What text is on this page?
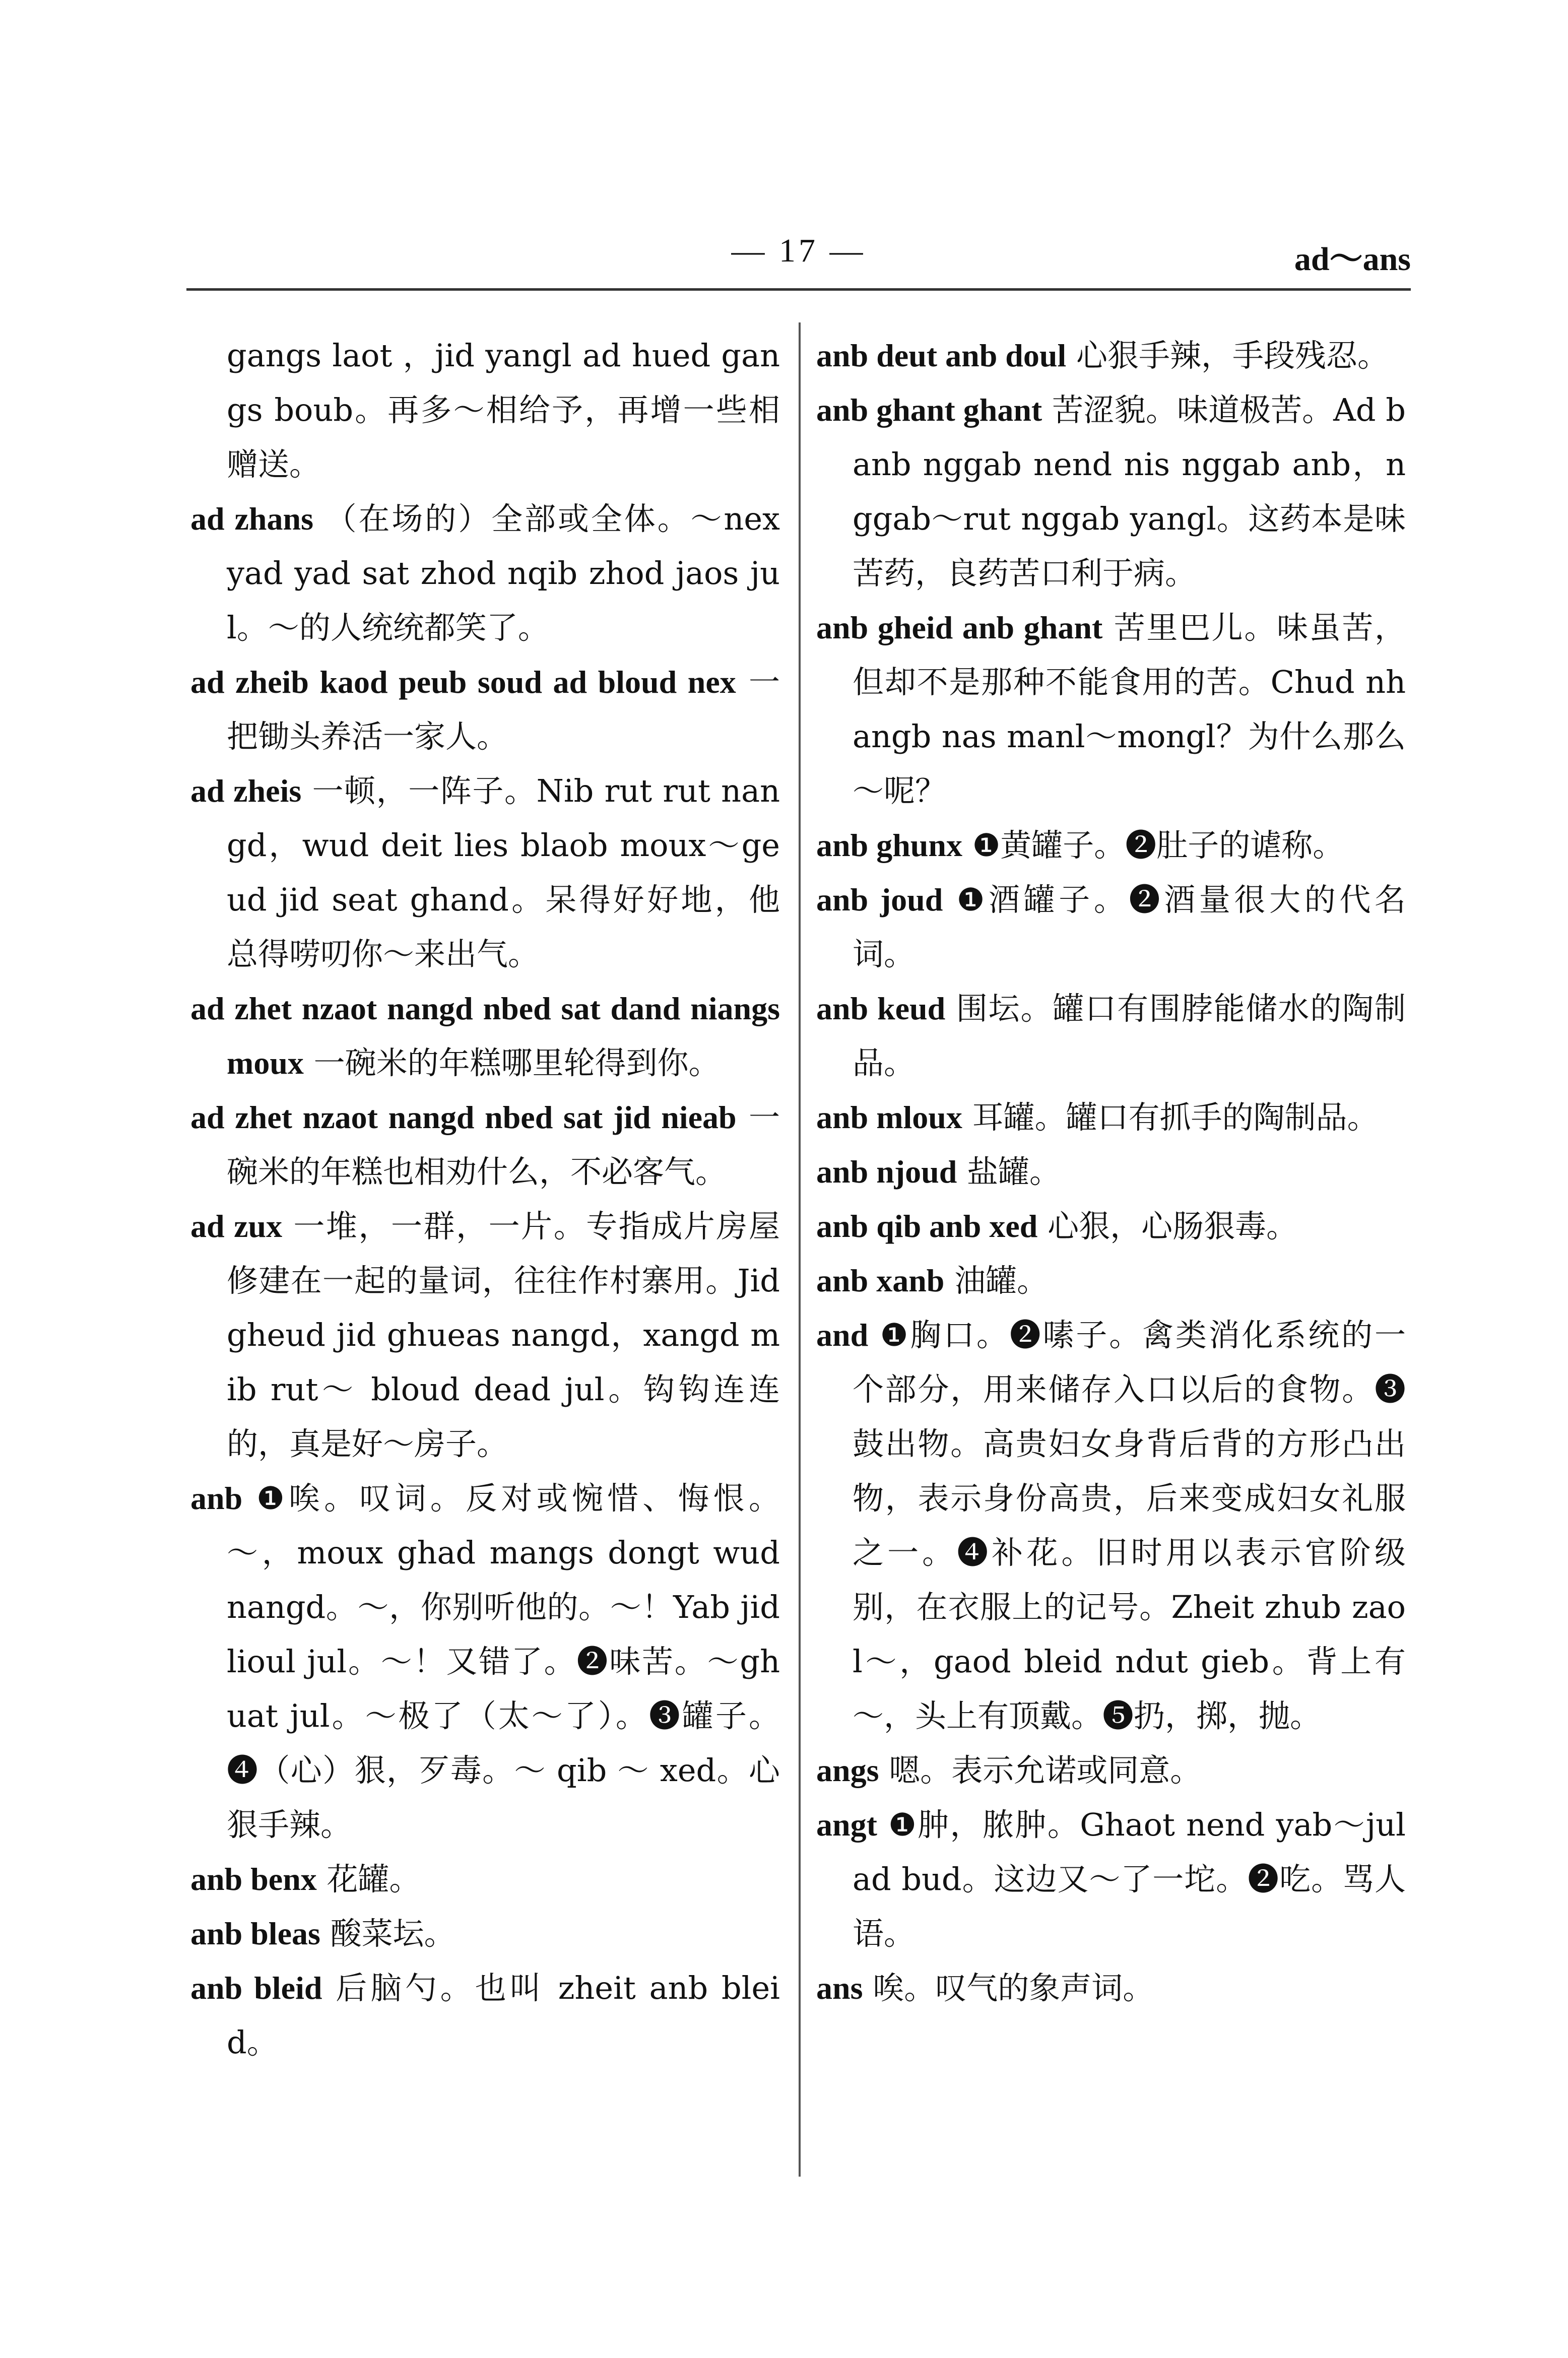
— 17 —	ad～ans
gangs laot ，jid yangl ad hued gangs boub。再多～相给予，再增一些相赠送。
ad zhans （在场的）全部或全体。～nex yad yad sat zhod nqib zhod jaos jul。～的人统统都笑了。
ad zheib kaod peub soud ad bloud nex 一把锄头养活一家人。
ad zheis 一顿，一阵子。Nib rut rut nangd，wud deit lies blaob moux～geud jid seat ghand。呆得好好地，他总得唠叨你～来出气。
ad zhet nzaot nangd nbed sat dand niangs moux 一碗米的年糕哪里轮得到你。
ad zhet nzaot nangd nbed sat jid nieab 一碗米的年糕也相劝什么，不必客气。
ad zux 一堆，一群，一片。专指成片房屋修建在一起的量词，往往作村寨用。Jid gheud jid ghueas nangd，xangd mib rut～ bloud dead jul。钩钩连连的，真是好～房子。
anb ❶唉。叹词。反对或惋惜、悔恨。～，moux ghad mangs dongt wud nangd。～，你别听他的。～！Yab jid lioul jul。～！又错了。❷味苦。～ghuat jul。～极了（太～了）。❸罐子。❹（心）狠，歹毒。～ qib ～ xed。心狠手辣。
anb benx 花罐。
anb bleas 酸菜坛。
anb bleid 后脑勺。也叫 zheit anb bleid。
anb deut anb doul 心狠手辣，手段残忍。
anb ghant ghant 苦涩貌。味道极苦。Ad banb nggab nend nis nggab anb，nggab～rut nggab yangl。这药本是味苦药，良药苦口利于病。
anb gheid anb ghant 苦里巴儿。味虽苦，但却不是那种不能食用的苦。Chud nhangb nas manl～mongl？为什么那么～呢？
anb ghunx ❶黄罐子。❷肚子的谑称。
anb joud ❶酒罐子。❷酒量很大的代名词。
anb keud 围坛。罐口有围脖能储水的陶制品。
anb mloux 耳罐。罐口有抓手的陶制品。
anb njoud 盐罐。
anb qib anb xed 心狠，心肠狠毒。
anb xanb 油罐。
and ❶胸口。❷嗉子。禽类消化系统的一个部分，用来储存入口以后的食物。❸鼓出物。高贵妇女身背后背的方形凸出物，表示身份高贵，后来变成妇女礼服之一。❹补花。旧时用以表示官阶级别，在衣服上的记号。Zheit zhub zaol～，gaod bleid ndut gieb。背上有～，头上有顶戴。❺扔，掷，抛。
angs 嗯。表示允诺或同意。
angt ❶肿，脓肿。Ghaot nend yab～jul ad bud。这边又～了一坨。❷吃。骂人语。
ans 唉。叹气的象声词。
